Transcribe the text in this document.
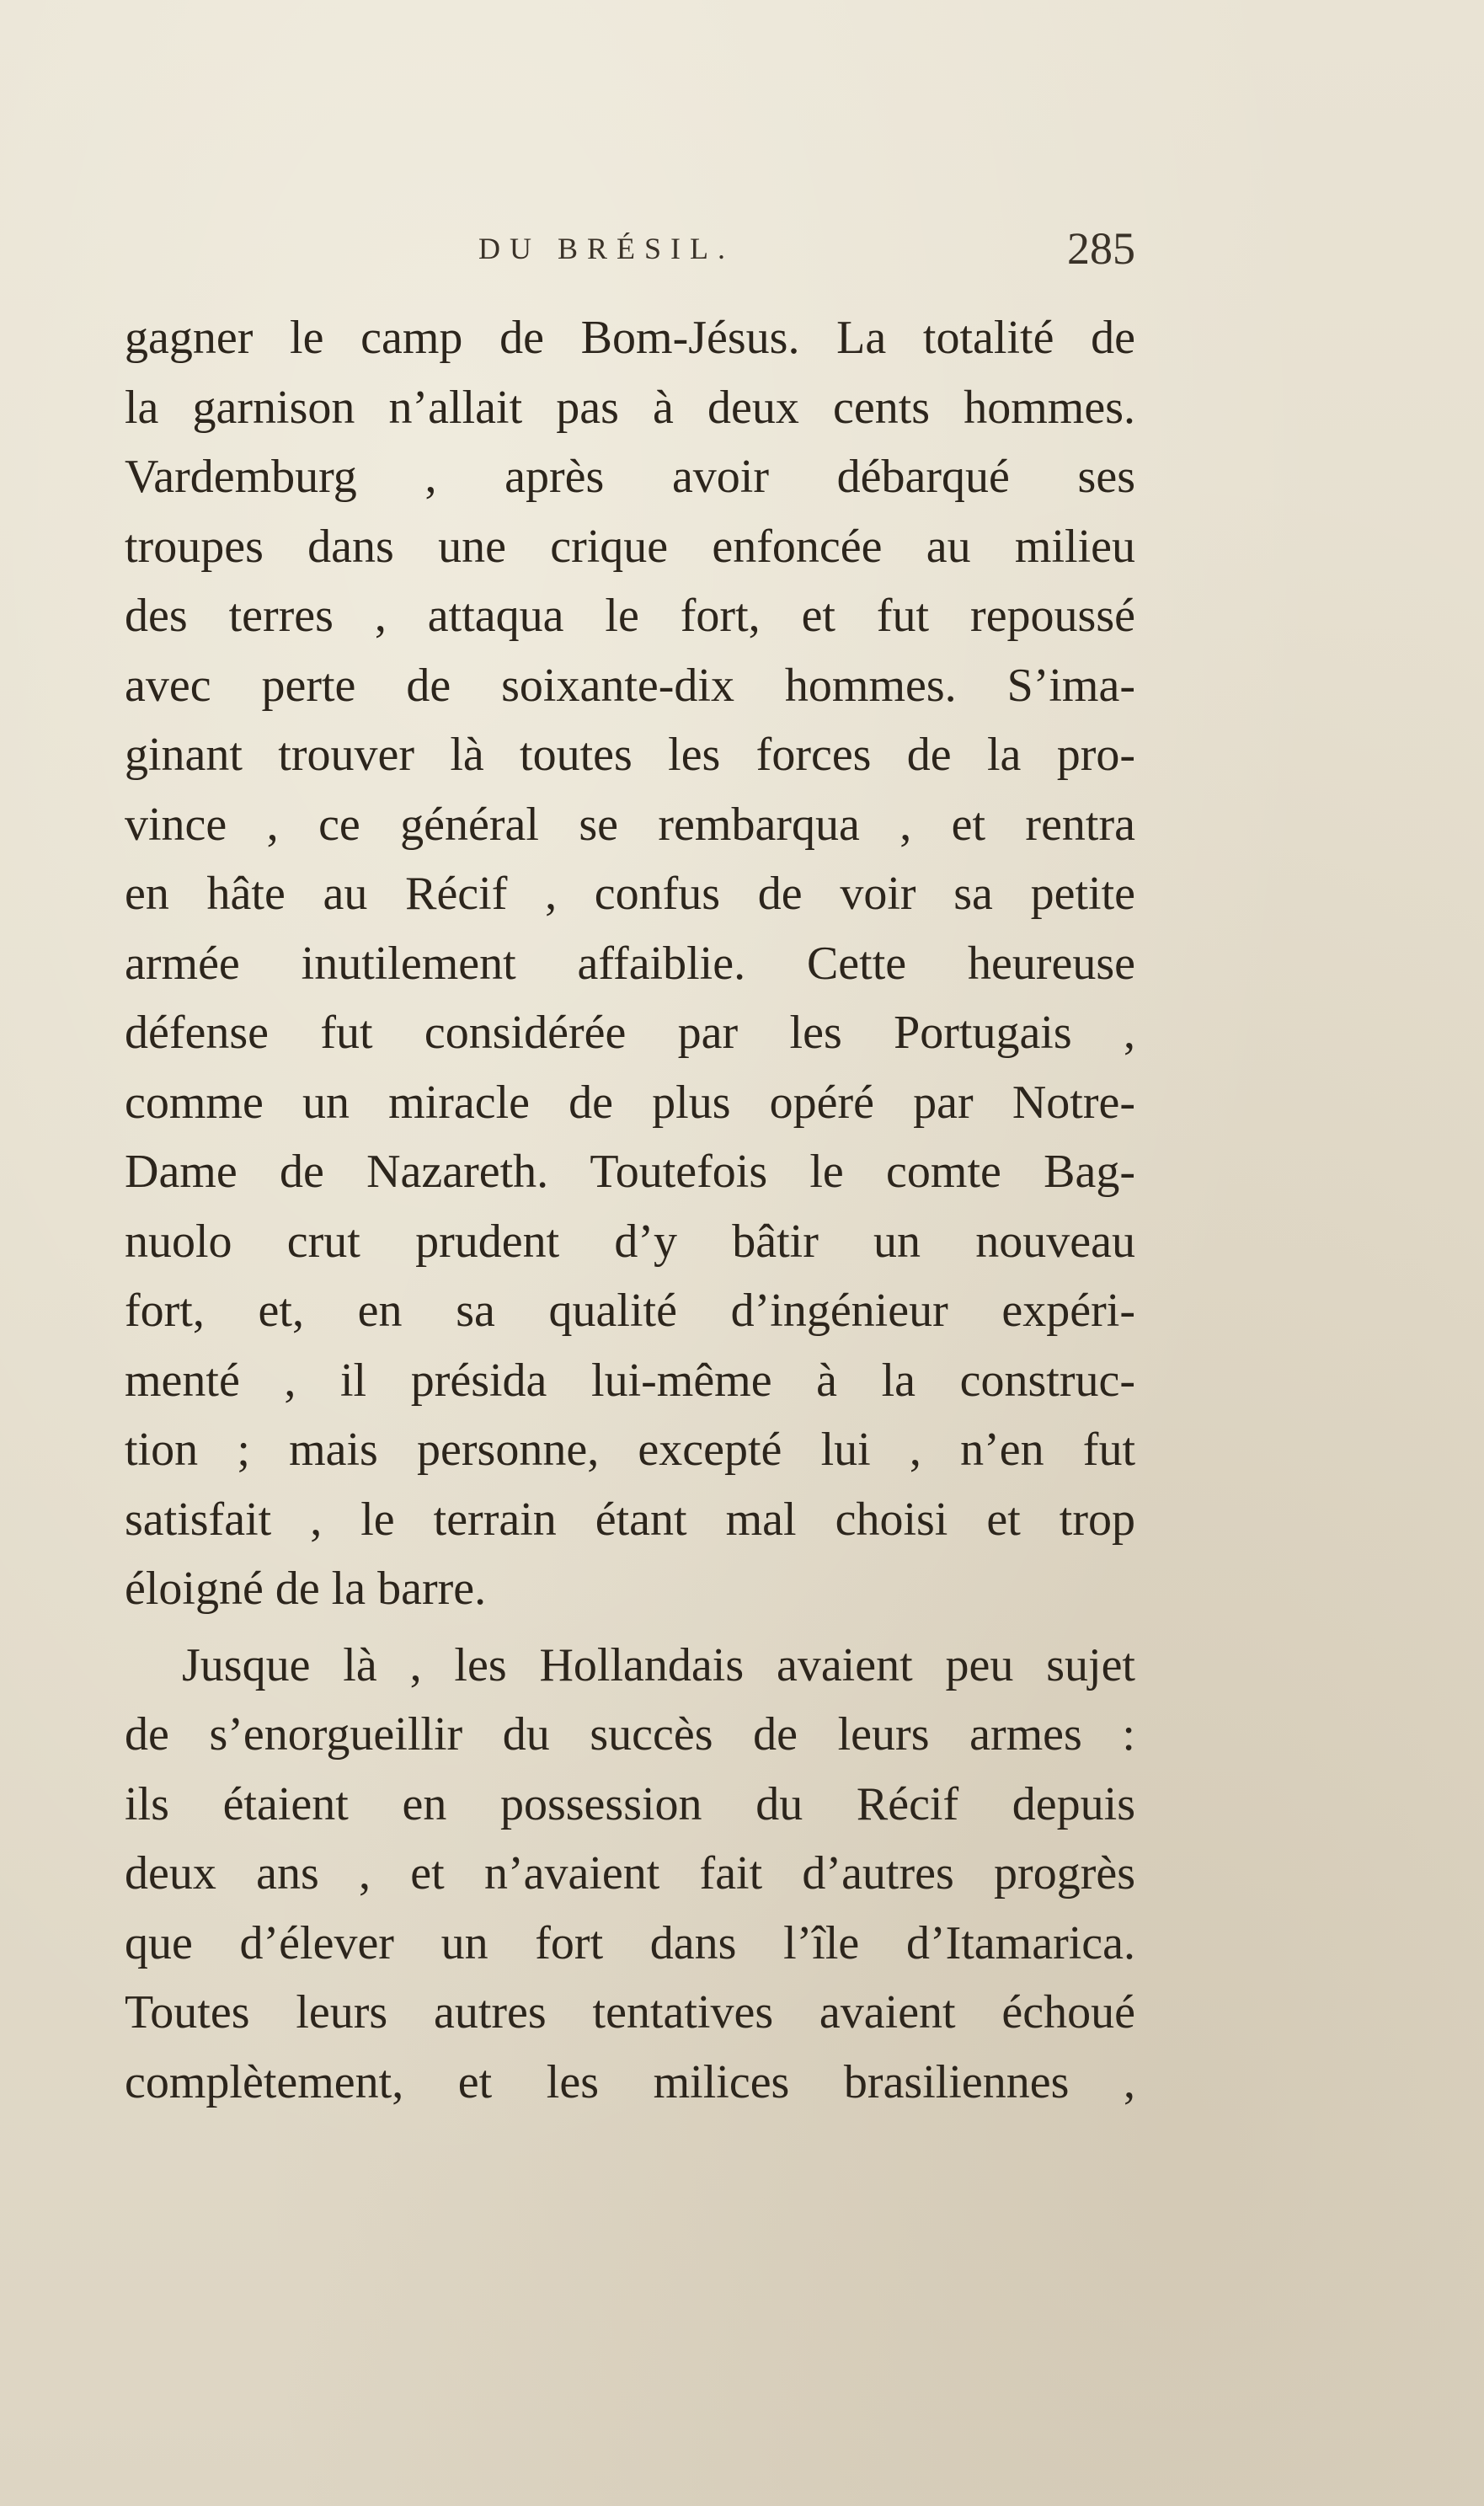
DU BRÉSIL.	285
gagner le camp de Bom-Jésus. La totalité de
la garnison n’allait pas à deux cents hommes.
Vardemburg , après avoir débarqué ses
troupes dans une crique enfoncée au milieu
des terres , attaqua le fort, et fut repoussé
avec perte de soixante-dix hommes. S’ima-
ginant trouver là toutes les forces de la pro-
vince , ce général se rembarqua , et rentra
en hâte au Récif , confus de voir sa petite
armée inutilement affaiblie. Cette heureuse
défense fut considérée par les Portugais ,
comme un miracle de plus opéré par Notre-
Dame de Nazareth. Toutefois le comte Bag-
nuolo crut prudent d’y bâtir un nouveau
fort, et, en sa qualité d’ingénieur expéri-
menté , il présida lui-même à la construc-
tion ; mais personne, excepté lui , n’en fut
satisfait , le terrain étant mal choisi et trop
éloigné de la barre.
Jusque là , les Hollandais avaient peu sujet
de s’enorgueillir du succès de leurs armes :
ils étaient en possession du Récif depuis
deux ans , et n’avaient fait d’autres progrès
que d’élever un fort dans l’île d’Itamarica.
Toutes leurs autres tentatives avaient échoué
complètement, et les milices brasiliennes ,
